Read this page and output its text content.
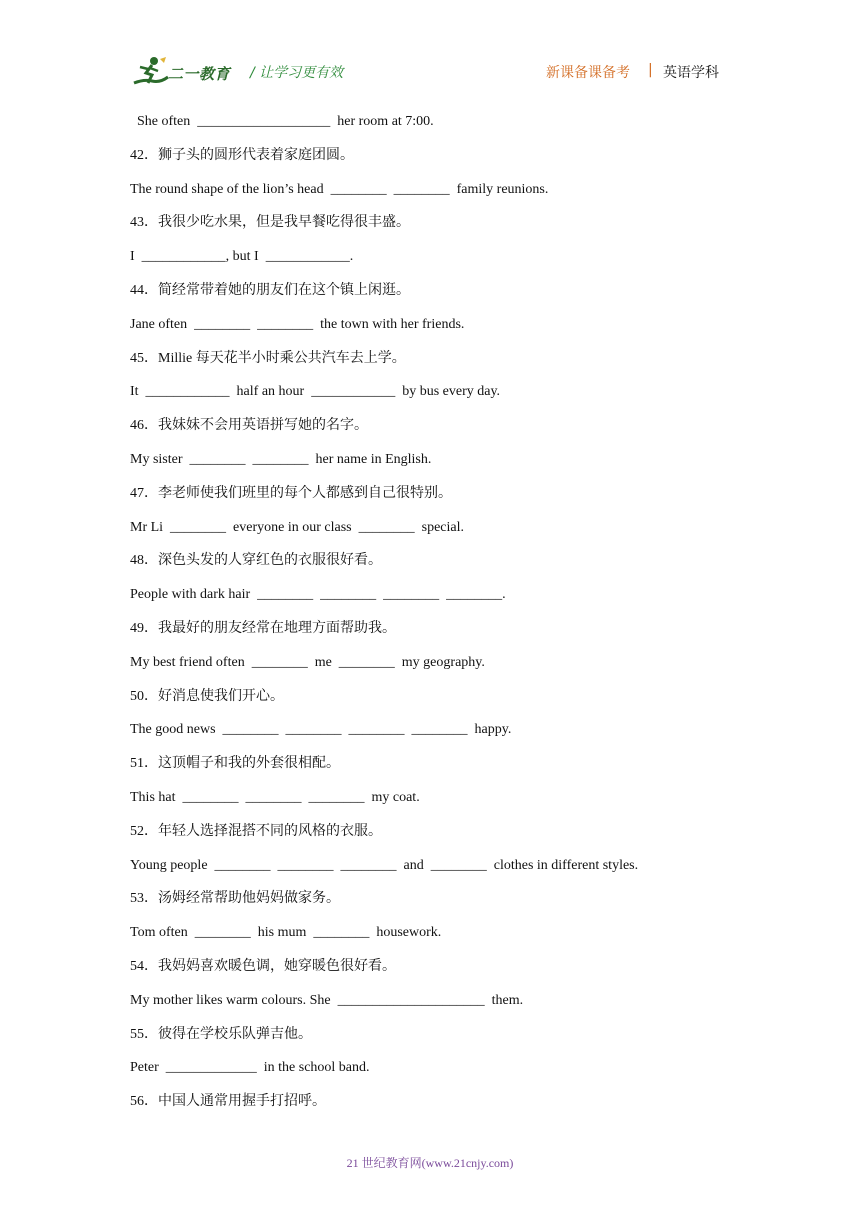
二一教育 / 让学习更有效	新课备课备考 | 英语学科
She often  ___________________  her room at 7:00.
42．狮子头的圆形代表着家庭团圆。
The round shape of the lion’s head  ________  ________  family reunions.
43．我很少吃水果，但是我早餐吃得很丰盛。
I  ____________, but I  ____________.
44．简经常带着她的朋友们在这个镇上闲逛。
Jane often  ________  ________  the town with her friends.
45．Millie 每天花半小时乘公共汽车去上学。
It  ____________  half an hour  ____________  by bus every day.
46．我妹妹不会用英语拼写她的名字。
My sister  ________  ________  her name in English.
47．李老师使我们班里的每个人都感到自己很特别。
Mr Li  ________  everyone in our class  ________  special.
48．深色头发的人穿红色的衣服很好看。
People with dark hair  ________  ________  ________  ________.
49．我最好的朋友经常在地理方面帮助我。
My best friend often  ________  me  ________  my geography.
50．好消息使我们开心。
The good news  ________  ________  ________  ________  happy.
51．这顶帽子和我的外套很相配。
This hat  ________  ________  ________  my coat.
52．年轻人选择混搭不同的风格的衣服。
Young people  ________  ________  ________  and  ________  clothes in different styles.
53．汤姆经常帮助他妈妈做家务。
Tom often  ________  his mum  ________  housework.
54．我妈妈喜欢暖色调，她穿暖色很好看。
My mother likes warm colours. She  _____________________  them.
55．彼得在学校乐队弹吉他。
Peter  _____________  in the school band.
56．中国人通常用握手打招呼。
21 世纪教育网(www.21cnjy.com)
